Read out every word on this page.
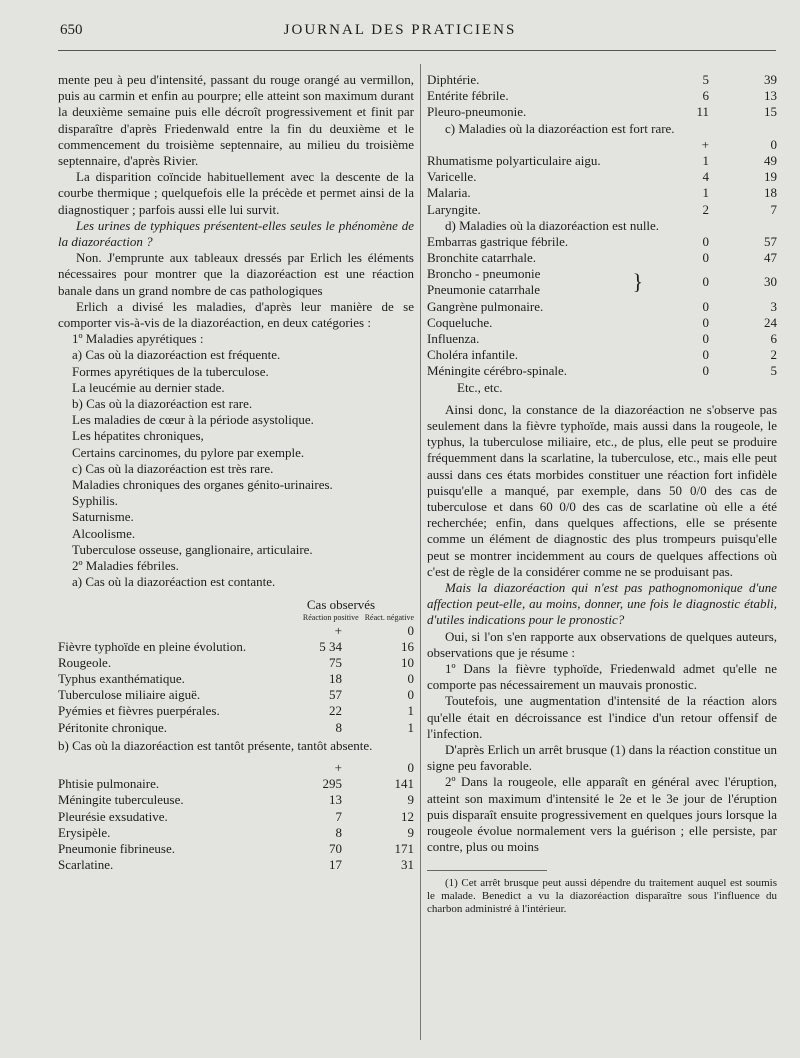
650	JOURNAL DES PRATICIENS

mente peu à peu d'intensité, passant du rouge orangé au vermillon, puis au carmin et enfin au pourpre; elle atteint son maximum durant la deuxième semaine puis elle décroît progressivement et finit par disparaître d'après Friedenwald entre la fin du deuxième et le commencement du troisième septennaire, au milieu du troisième septennaire, d'après Rivier.

La disparition coïncide habituellement avec la descente de la courbe thermique ; quelquefois elle la précède et permet ainsi de la diagnostiquer ; parfois aussi elle lui survit.

Les urines de typhiques présentent-elles seules le phénomène de la diazoréaction ?

Non. J'emprunte aux tableaux dressés par Erlich les éléments nécessaires pour montrer que la diazoréaction est une réaction banale dans un grand nombre de cas pathologiques

Erlich a divisé les maladies, d'après leur manière de se comporter vis-à-vis de la diazoréaction, en deux catégories :

1º Maladies apyrétiques :

a) Cas où la diazoréaction est fréquente.

Formes apyrétiques de la tuberculose.

La leucémie au dernier stade.

b) Cas où la diazoréaction est rare.

Les maladies de cœur à la période asystolique.

Les hépatites chroniques,

Certains carcinomes, du pylore par exemple.

c) Cas où la diazoréaction est très rare.

Maladies chroniques des organes génito-urinaires.

Syphilis.

Saturnisme.

Alcoolisme.

Tuberculose osseuse, ganglionaire, articulaire.

2º Maladies fébriles.

a) Cas où la diazoréaction est contante.

Cas observés
Réaction positive Réact. négative
+	0
Fièvre typhoïde en pleine évolution.	5 34	16
Rougeole.	75	10
Typhus exanthématique.	18	0
Tuberculose miliaire aiguë.	57	0
Pyémies et fièvres puerpérales.	22	1
Péritonite chronique.	8	1

b) Cas où la diazoréaction est tantôt présente, tantôt absente.

+	0
Phtisie pulmonaire.	295	141
Méningite tuberculeuse.	13	9
Pleurésie exsudative.	7	12
Erysipèle.	8	9
Pneumonie fibrineuse.	70	171
Scarlatine.	17	31
Diphtérie.	5	39
Entérite fébrile.	6	13
Pleuro-pneumonie.	11	15

c) Maladies où la diazoréaction est fort rare.

+	0
Rhumatisme polyarticulaire aigu.	1	49
Varicelle.	4	19
Malaria.	1	18
Laryngite.	2	7

d) Maladies où la diazoréaction est nulle.

Embarras gastrique fébrile.	0	57
Bronchite catarrhale.	0	47
Broncho - pneumonie
Pneumonie catarrhale	}	0	30
Gangrène pulmonaire.	0	3
Coqueluche.	0	24
Influenza.	0	6
Choléra infantile.	0	2
Méningite cérébro-spinale.	0	5

Etc., etc.

Ainsi donc, la constance de la diazoréaction ne s'observe pas seulement dans la fièvre typhoïde, mais aussi dans la rougeole, le typhus, la tuberculose miliaire, etc., de plus, elle peut se produire fréquemment dans la scarlatine, la tuberculose, etc., mais elle peut aussi dans ces états morbides constituer une réaction fort infidèle puisqu'elle a manqué, par exemple, dans 50 0/0 des cas de tuberculose et dans 60 0/0 des cas de scarlatine où elle a été recherchée; enfin, dans quelques affections, elle se présente comme un élément de diagnostic des plus trompeurs puisqu'elle peut se montrer incidemment au cours de quelques affections où c'est de règle de la considérer comme ne se produisant pas.

Mais la diazoréaction qui n'est pas pathognomonique d'une affection peut-elle, au moins, donner, une fois le diagnostic établi, d'utiles indications pour le pronostic?

Oui, si l'on s'en rapporte aux observations de quelques auteurs, observations que je résume :

1º Dans la fièvre typhoïde, Friedenwald admet qu'elle ne comporte pas nécessairement un mauvais pronostic.

Toutefois, une augmentation d'intensité de la réaction alors qu'elle était en décroissance est l'indice d'un retour offensif de l'infection.

D'après Erlich un arrêt brusque (1) dans la réaction constitue un signe peu favorable.

2º Dans la rougeole, elle apparaît en général avec l'éruption, atteint son maximum d'intensité le 2e et le 3e jour de l'éruption puis disparaît ensuite progressivement en quelques jours lorsque la rougeole évolue normalement vers la guérison ; elle persiste, par contre, plus ou moins

(1) Cet arrêt brusque peut aussi dépendre du traitement auquel est soumis le malade. Benedict a vu la diazoréaction disparaître sous l'influence du charbon administré à l'intérieur.
